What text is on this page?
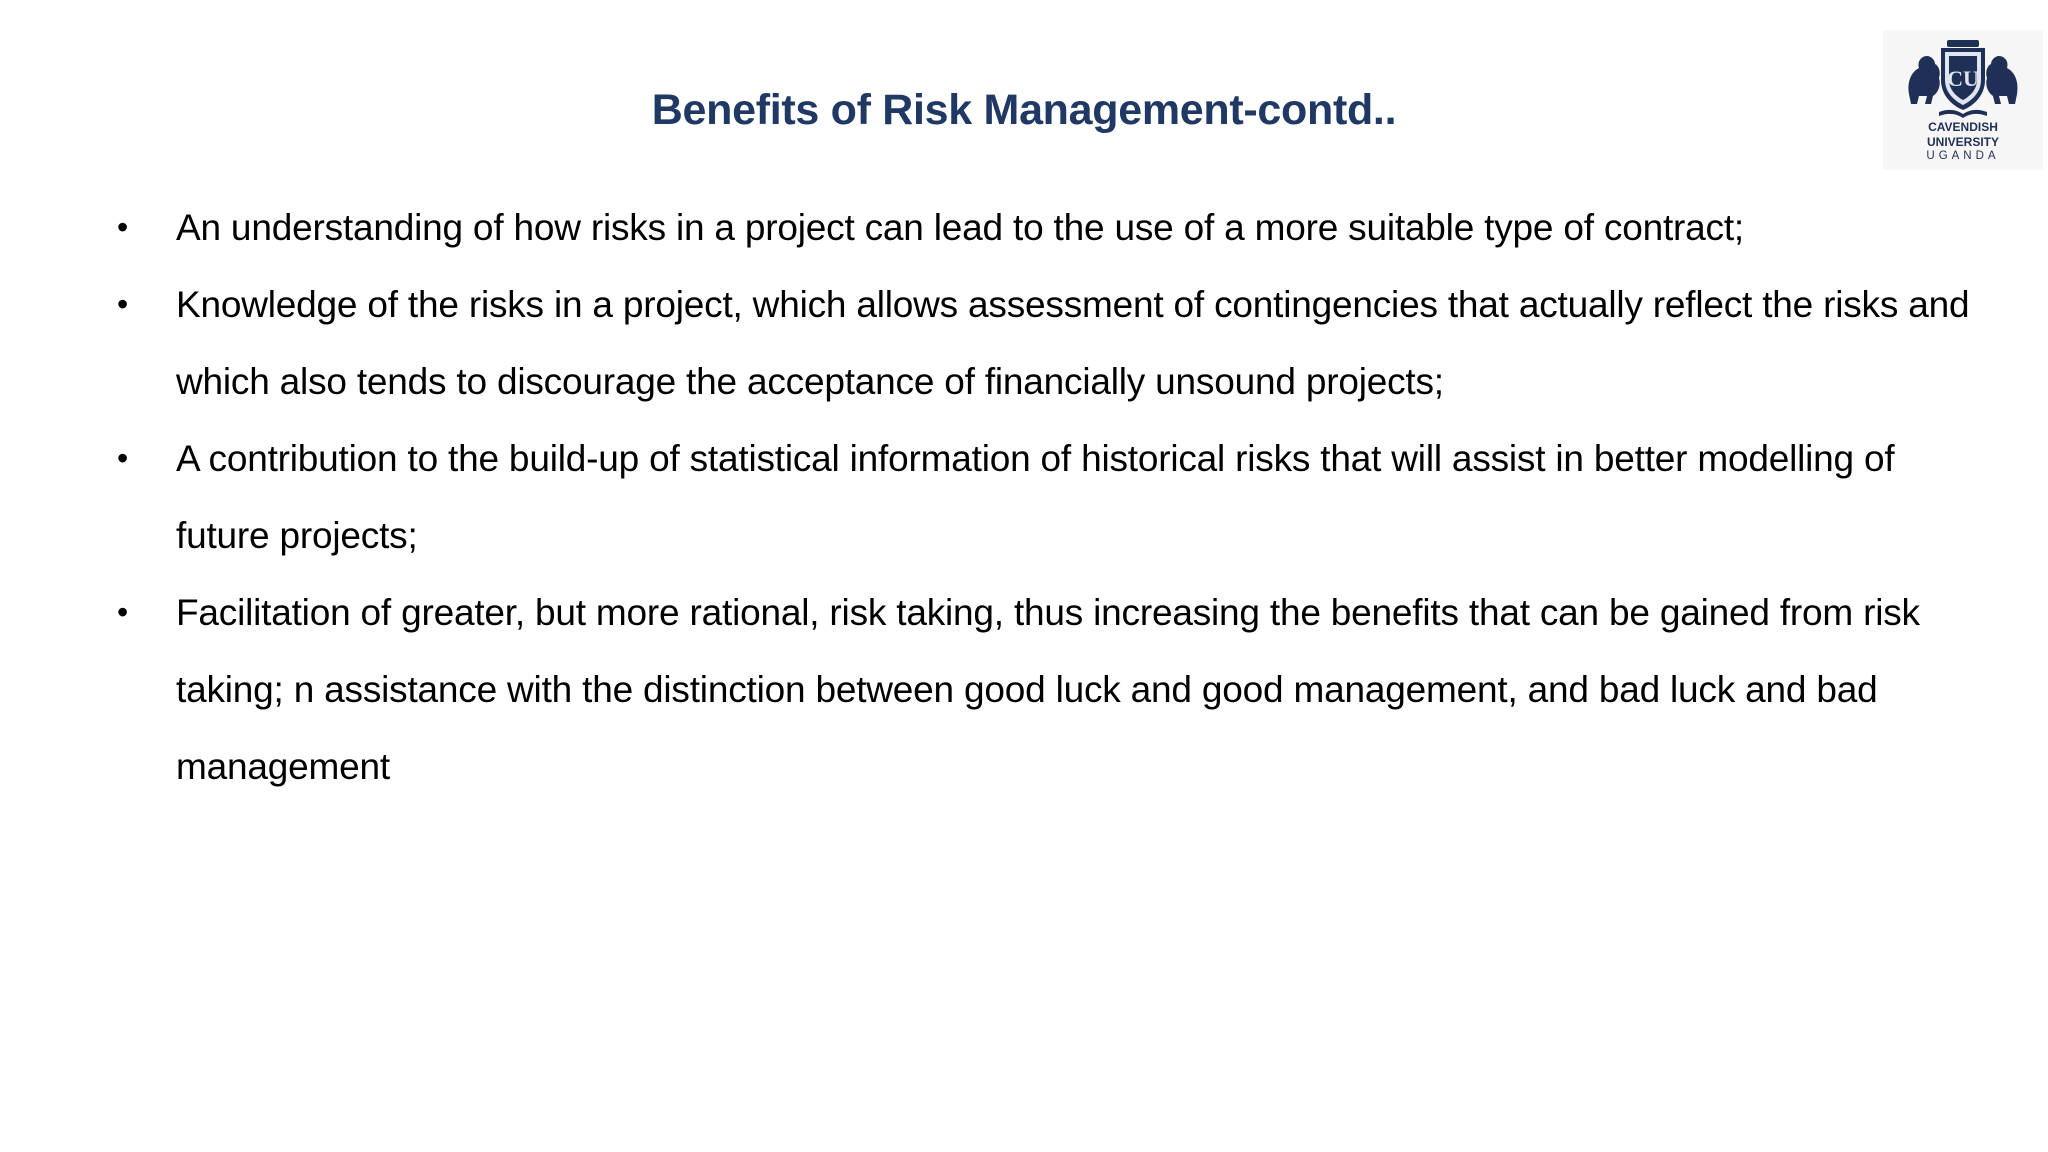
Benefits of Risk Management-contd..
CU
CAVENDISH
UNIVERSITY
UGANDA
• An understanding of how risks in a project can lead to the use of a more suitable type of contract;
• Knowledge of the risks in a project, which allows assessment of contingencies that actually reflect the risks and which also tends to discourage the acceptance of financially unsound projects;
• A contribution to the build-up of statistical information of historical risks that will assist in better modelling of future projects;
• Facilitation of greater, but more rational, risk taking, thus increasing the benefits that can be gained from risk taking; n assistance with the distinction between good luck and good management, and bad luck and bad management
